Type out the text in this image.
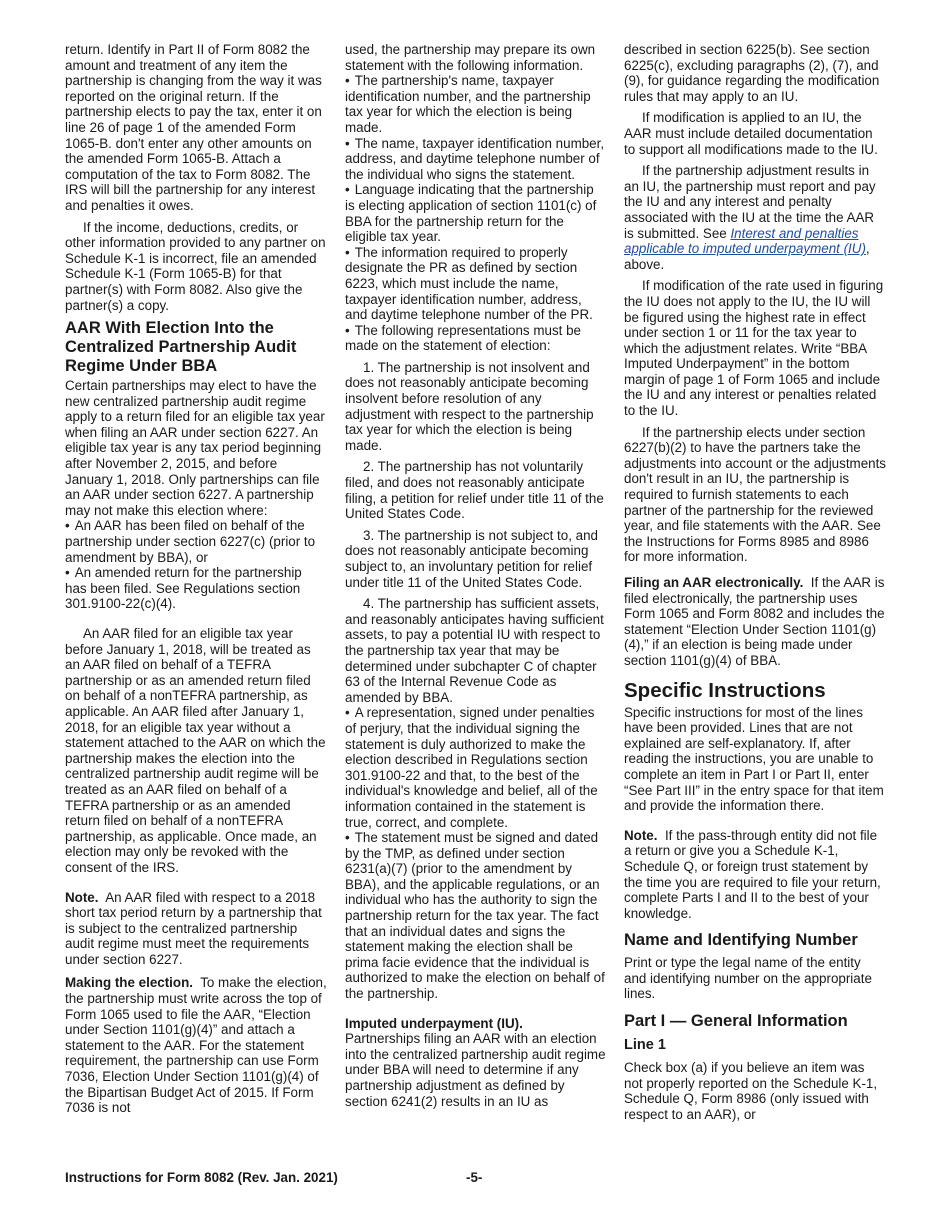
return. Identify in Part II of Form 8082 the amount and treatment of any item the partnership is changing from the way it was reported on the original return. If the partnership elects to pay the tax, enter it on line 26 of page 1 of the amended Form 1065-B. don't enter any other amounts on the amended Form 1065-B. Attach a computation of the tax to Form 8082. The IRS will bill the partnership for any interest and penalties it owes.

If the income, deductions, credits, or other information provided to any partner on Schedule K-1 is incorrect, file an amended Schedule K-1 (Form 1065-B) for that partner(s) with Form 8082. Also give the partner(s) a copy.

AAR With Election Into the Centralized Partnership Audit Regime Under BBA

Certain partnerships may elect to have the new centralized partnership audit regime apply to a return filed for an eligible tax year when filing an AAR under section 6227. An eligible tax year is any tax period beginning after November 2, 2015, and before January 1, 2018. Only partnerships can file an AAR under section 6227. A partnership may not make this election where:

• An AAR has been filed on behalf of the partnership under section 6227(c) (prior to amendment by BBA), or

• An amended return for the partnership has been filed. See Regulations section 301.9100-22(c)(4).

An AAR filed for an eligible tax year before January 1, 2018, will be treated as an AAR filed on behalf of a TEFRA partnership or as an amended return filed on behalf of a nonTEFRA partnership, as applicable. An AAR filed after January 1, 2018, for an eligible tax year without a statement attached to the AAR on which the partnership makes the election into the centralized partnership audit regime will be treated as an AAR filed on behalf of a TEFRA partnership or as an amended return filed on behalf of a nonTEFRA partnership, as applicable. Once made, an election may only be revoked with the consent of the IRS.

Note. An AAR filed with respect to a 2018 short tax period return by a partnership that is subject to the centralized partnership audit regime must meet the requirements under section 6227.

Making the election. To make the election, the partnership must write across the top of Form 1065 used to file the AAR, “Election under Section 1101(g)(4)” and attach a statement to the AAR. For the statement requirement, the partnership can use Form 7036, Election Under Section 1101(g)(4) of the Bipartisan Budget Act of 2015. If Form 7036 is not

used, the partnership may prepare its own statement with the following information.

• The partnership's name, taxpayer identification number, and the partnership tax year for which the election is being made.

• The name, taxpayer identification number, address, and daytime telephone number of the individual who signs the statement.

• Language indicating that the partnership is electing application of section 1101(c) of BBA for the partnership return for the eligible tax year.

• The information required to properly designate the PR as defined by section 6223, which must include the name, taxpayer identification number, address, and daytime telephone number of the PR.

• The following representations must be made on the statement of election:

1. The partnership is not insolvent and does not reasonably anticipate becoming insolvent before resolution of any adjustment with respect to the partnership tax year for which the election is being made.

2. The partnership has not voluntarily filed, and does not reasonably anticipate filing, a petition for relief under title 11 of the United States Code.

3. The partnership is not subject to, and does not reasonably anticipate becoming subject to, an involuntary petition for relief under title 11 of the United States Code.

4. The partnership has sufficient assets, and reasonably anticipates having sufficient assets, to pay a potential IU with respect to the partnership tax year that may be determined under subchapter C of chapter 63 of the Internal Revenue Code as amended by BBA.

• A representation, signed under penalties of perjury, that the individual signing the statement is duly authorized to make the election described in Regulations section 301.9100-22 and that, to the best of the individual's knowledge and belief, all of the information contained in the statement is true, correct, and complete.

• The statement must be signed and dated by the TMP, as defined under section 6231(a)(7) (prior to the amendment by BBA), and the applicable regulations, or an individual who has the authority to sign the partnership return for the tax year. The fact that an individual dates and signs the statement making the election shall be prima facie evidence that the individual is authorized to make the election on behalf of the partnership.

Imputed underpayment (IU).
Partnerships filing an AAR with an election into the centralized partnership audit regime under BBA will need to determine if any partnership adjustment as defined by section 6241(2) results in an IU as

described in section 6225(b). See section 6225(c), excluding paragraphs (2), (7), and (9), for guidance regarding the modification rules that may apply to an IU.

If modification is applied to an IU, the AAR must include detailed documentation to support all modifications made to the IU.

If the partnership adjustment results in an IU, the partnership must report and pay the IU and any interest and penalty associated with the IU at the time the AAR is submitted. See Interest and penalties applicable to imputed underpayment (IU), above.

If modification of the rate used in figuring the IU does not apply to the IU, the IU will be figured using the highest rate in effect under section 1 or 11 for the tax year to which the adjustment relates. Write “BBA Imputed Underpayment” in the bottom margin of page 1 of Form 1065 and include the IU and any interest or penalties related to the IU.

If the partnership elects under section 6227(b)(2) to have the partners take the adjustments into account or the adjustments don't result in an IU, the partnership is required to furnish statements to each partner of the partnership for the reviewed year, and file statements with the AAR. See the Instructions for Forms 8985 and 8986 for more information.

Filing an AAR electronically. If the AAR is filed electronically, the partnership uses Form 1065 and Form 8082 and includes the statement “Election Under Section 1101(g)(4),” if an election is being made under section 1101(g)(4) of BBA.

Specific Instructions

Specific instructions for most of the lines have been provided. Lines that are not explained are self-explanatory. If, after reading the instructions, you are unable to complete an item in Part I or Part II, enter “See Part III” in the entry space for that item and provide the information there.

Note. If the pass-through entity did not file a return or give you a Schedule K-1, Schedule Q, or foreign trust statement by the time you are required to file your return, complete Parts I and II to the best of your knowledge.

Name and Identifying Number

Print or type the legal name of the entity and identifying number on the appropriate lines.

Part I — General Information
Line 1

Check box (a) if you believe an item was not properly reported on the Schedule K-1, Schedule Q, Form 8986 (only issued with respect to an AAR), or

Instructions for Form 8082 (Rev. Jan. 2021)	-5-
